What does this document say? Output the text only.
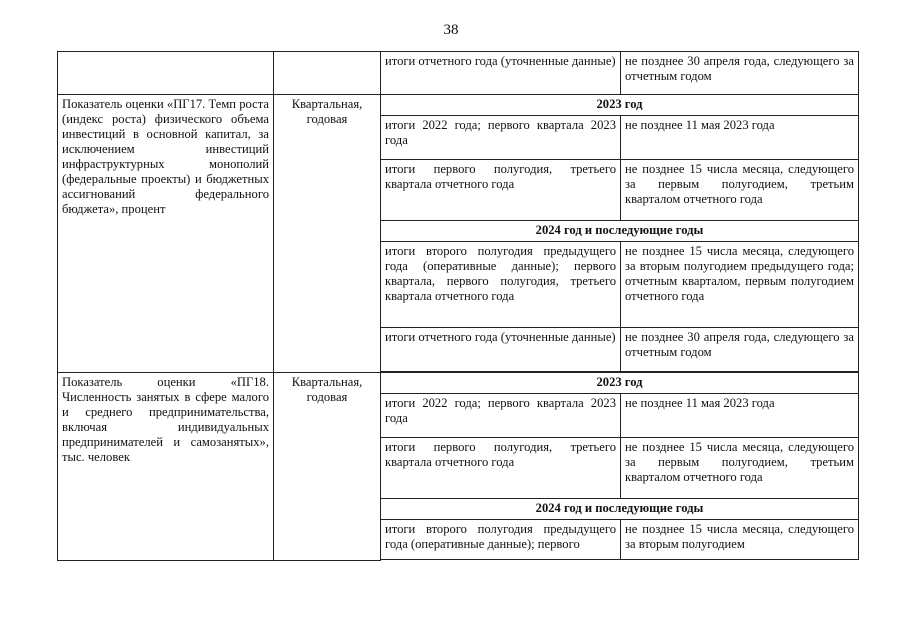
38
		итоги отчетного года (уточненные данные)	не позднее 30 апреля года, следующего за отчетным годом
Показатель оценки «ПГ17. Темп роста (индекс роста) физического объема инвестиций в основной капитал, за исключением инвестиций инфраструктурных монополий (федеральные проекты) и бюджетных ассигнований федерального бюджета», процент	Квартальная, годовая	2023 год	
		итоги 2022 года; первого квартала 2023 года	не позднее 11 мая 2023 года
		итоги первого полугодия, третьего квартала отчетного года	не позднее 15 числа месяца, следующего за первым полугодием, третьим кварталом отчетного года
		2024 год и последующие годы	
		итоги второго полугодия предыдущего года (оперативные данные); первого квартала, первого полугодия, третьего квартала отчетного года	не позднее 15 числа месяца, следующего за вторым полугодием предыдущего года; отчетным кварталом, первым полугодием отчетного года
		итоги отчетного года (уточненные данные)	не позднее 30 апреля года, следующего за отчетным годом

Показатель оценки «ПГ18. Численность занятых в сфере малого и среднего предпринимательства, включая индивидуальных предпринимателей и самозанятых», тыс. человек	Квартальная, годовая	2023 год	
		итоги 2022 года; первого квартала 2023 года	не позднее 11 мая 2023 года
		итоги первого полугодия, третьего квартала отчетного года	не позднее 15 числа месяца, следующего за первым полугодием, третьим кварталом отчетного года
		2024 год и последующие годы	
		итоги второго полугодия предыдущего года (оперативные данные); первого	не позднее 15 числа месяца, следующего за вторым полугодием
